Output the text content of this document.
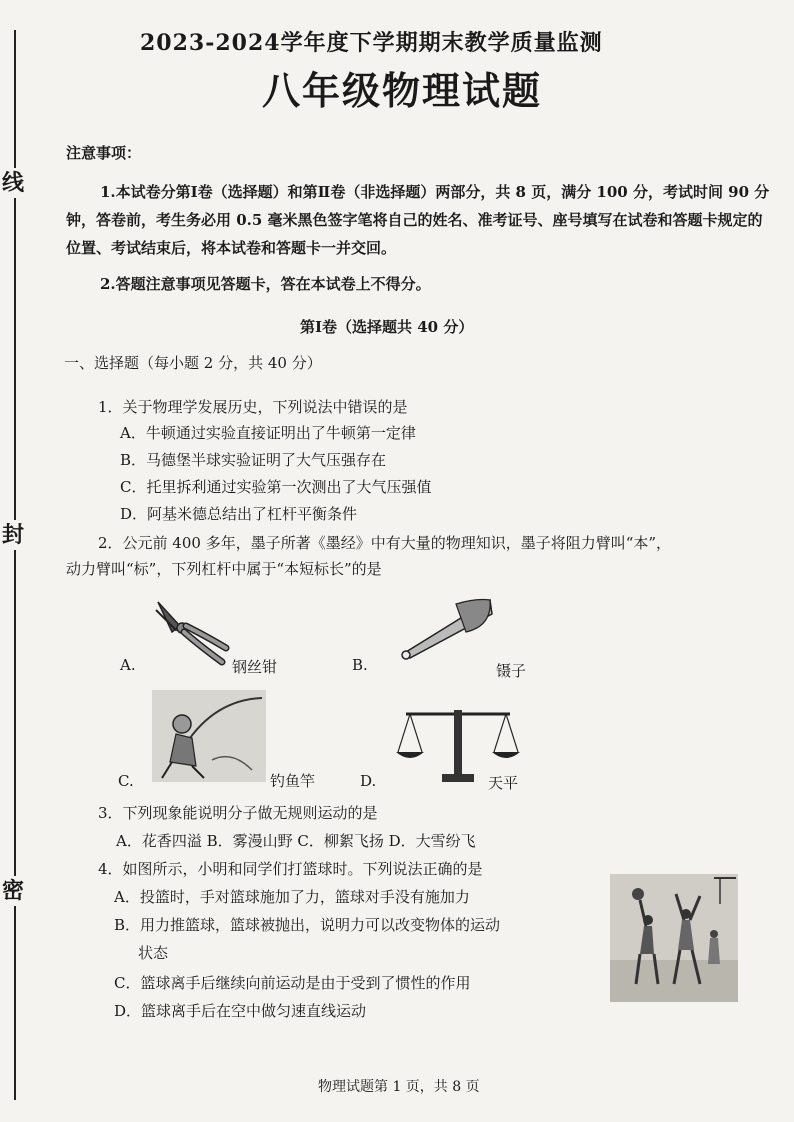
线
封
密
2023-2024学年度下学期期末教学质量监测
八年级物理试题
注意事项：
1.本试卷分第Ⅰ卷（选择题）和第Ⅱ卷（非选择题）两部分，共 8 页，满分 100 分，考试时间 90 分钟，答卷前，考生务必用 0.5 毫米黑色签字笔将自己的姓名、准考证号、座号填写在试卷和答题卡规定的位置、考试结束后，将本试卷和答题卡一并交回。
2.答题注意事项见答题卡，答在本试卷上不得分。
第Ⅰ卷（选择题共 40 分）
一、选择题（每小题 2 分，共 40 分）
1．关于物理学发展历史，下列说法中错误的是
A．牛顿通过实验直接证明出了牛顿第一定律
B．马德堡半球实验证明了大气压强存在
C．托里拆利通过实验第一次测出了大气压强值
D．阿基米德总结出了杠杆平衡条件
2．公元前 400 多年，墨子所著《墨经》中有大量的物理知识，墨子将阻力臂叫“本”，
动力臂叫“标”，下列杠杆中属于“本短标长”的是
A.	钢丝钳	B.	镊子
C.	钓鱼竿	D.	天平
3．下列现象能说明分子做无规则运动的是
A．花香四溢 B．雾漫山野 C．柳絮飞扬 D．大雪纷飞
4．如图所示，小明和同学们打篮球时。下列说法正确的是
A．投篮时，手对篮球施加了力，篮球对手没有施加力
B．用力推篮球，篮球被抛出，说明力可以改变物体的运动
状态
C．篮球离手后继续向前运动是由于受到了惯性的作用
D．篮球离手后在空中做匀速直线运动
物理试题第 1 页，共 8 页
